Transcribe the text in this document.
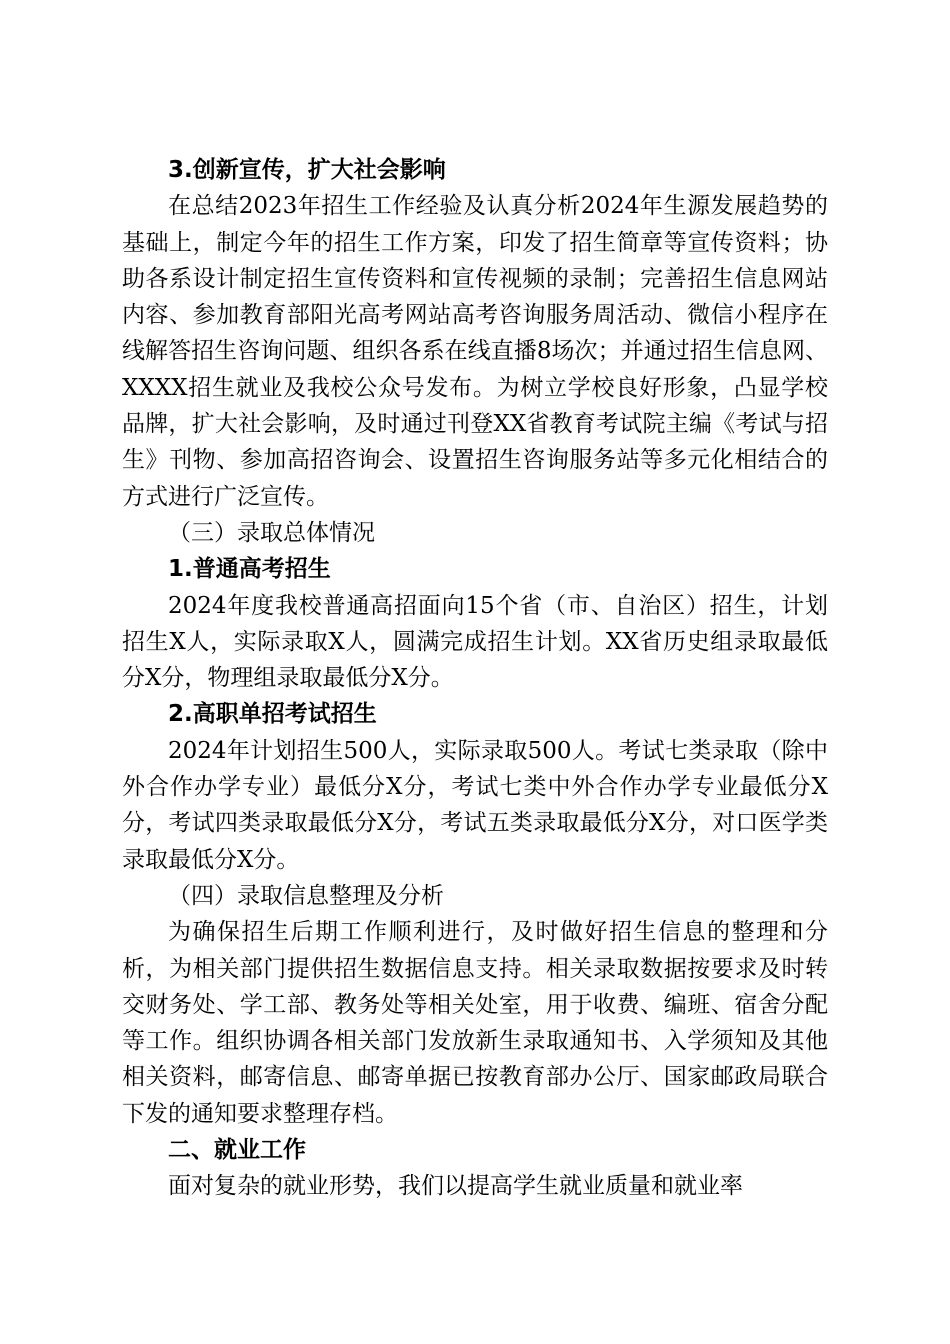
3.创新宣传，扩大社会影响

在总结2023年招生工作经验及认真分析2024年生源发展趋势的基础上，制定今年的招生工作方案，印发了招生简章等宣传资料；协助各系设计制定招生宣传资料和宣传视频的录制；完善招生信息网站内容、参加教育部阳光高考网站高考咨询服务周活动、微信小程序在线解答招生咨询问题、组织各系在线直播8场次；并通过招生信息网、XXXX招生就业及我校公众号发布。为树立学校良好形象，凸显学校品牌，扩大社会影响，及时通过刊登XX省教育考试院主编《考试与招生》刊物、参加高招咨询会、设置招生咨询服务站等多元化相结合的方式进行广泛宣传。

（三）录取总体情况

1.普通高考招生

2024年度我校普通高招面向15个省（市、自治区）招生，计划招生X人，实际录取X人，圆满完成招生计划。XX省历史组录取最低分X分，物理组录取最低分X分。

2.高职单招考试招生

2024年计划招生500人，实际录取500人。考试七类录取（除中外合作办学专业）最低分X分，考试七类中外合作办学专业最低分X分，考试四类录取最低分X分，考试五类录取最低分X分，对口医学类录取最低分X分。

（四）录取信息整理及分析

为确保招生后期工作顺利进行，及时做好招生信息的整理和分析，为相关部门提供招生数据信息支持。相关录取数据按要求及时转交财务处、学工部、教务处等相关处室，用于收费、编班、宿舍分配等工作。组织协调各相关部门发放新生录取通知书、入学须知及其他相关资料，邮寄信息、邮寄单据已按教育部办公厅、国家邮政局联合下发的通知要求整理存档。

二、就业工作

面对复杂的就业形势，我们以提高学生就业质量和就业率
